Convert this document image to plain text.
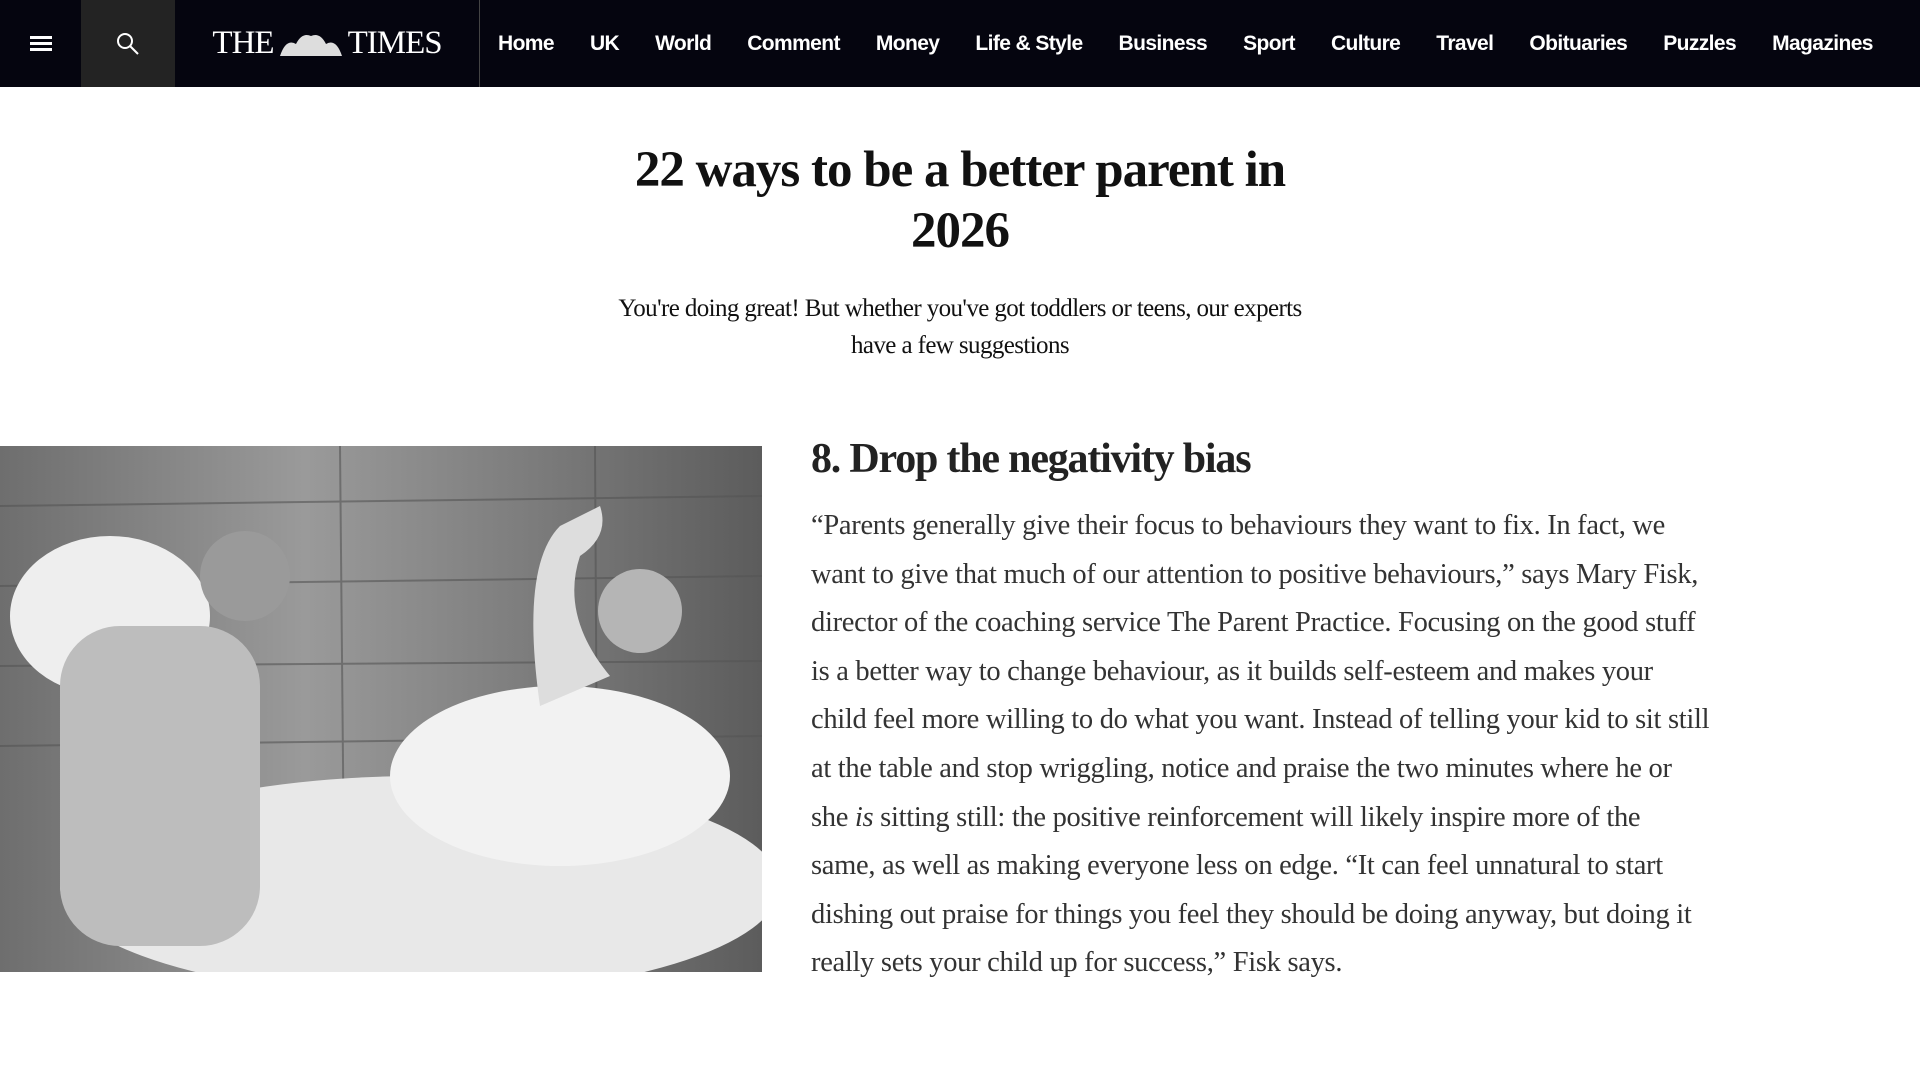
THE TIMES	Home UK World Comment Money Life & Style Business Sport Culture Travel Obituaries Puzzles Magazines
22 ways to be a better parent in
2026
You're doing great! But whether you've got toddlers or teens, our experts
have a few suggestions
8. Drop the negativity bias
“Parents generally give their focus to behaviours they want to fix. In fact, we
want to give that much of our attention to positive behaviours,” says Mary Fisk,
director of the coaching service The Parent Practice. Focusing on the good stuff
is a better way to change behaviour, as it builds self-esteem and makes your
child feel more willing to do what you want. Instead of telling your kid to sit still
at the table and stop wriggling, notice and praise the two minutes where he or
she is sitting still: the positive reinforcement will likely inspire more of the
same, as well as making everyone less on edge. “It can feel unnatural to start
dishing out praise for things you feel they should be doing anyway, but doing it
really sets your child up for success,” Fisk says.
